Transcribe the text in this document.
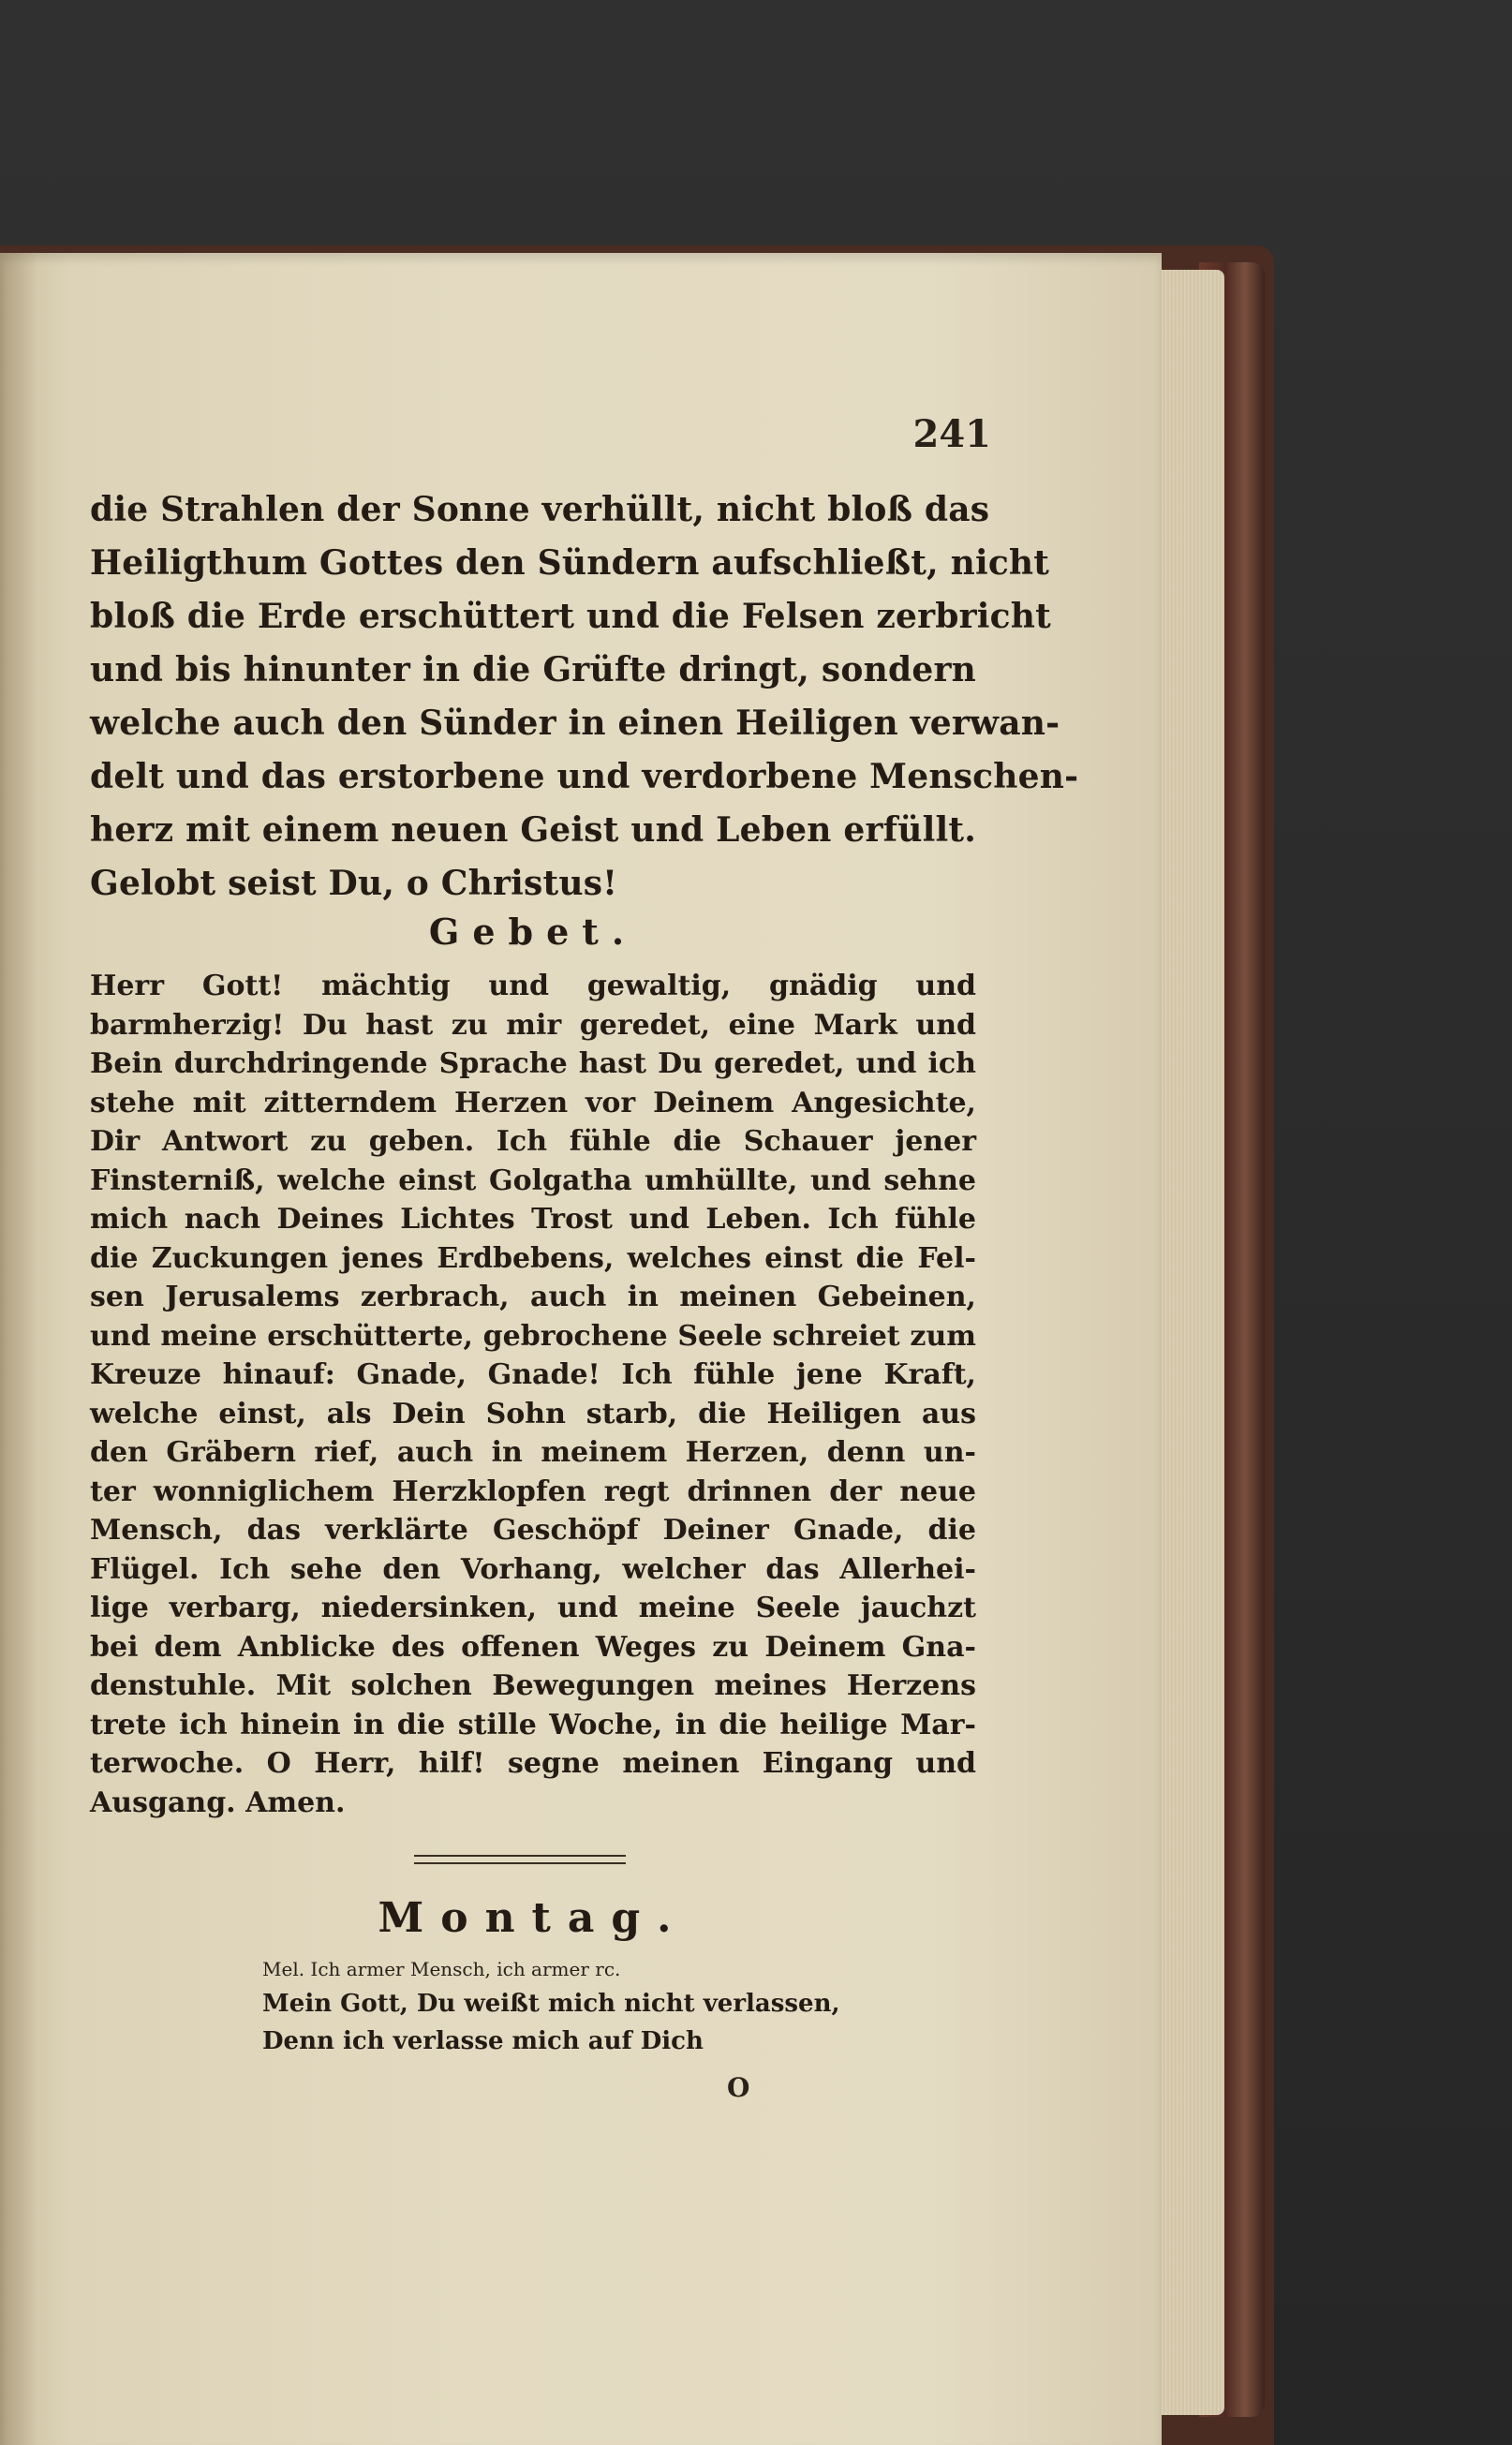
241
die Strahlen der Sonne verhüllt, nicht bloß das
Heiligthum Gottes den Sündern aufschließt, nicht
bloß die Erde erschüttert und die Felsen zerbricht
und bis hinunter in die Grüfte dringt, sondern
welche auch den Sünder in einen Heiligen verwan-
delt und das erstorbene und verdorbene Menschen-
herz mit einem neuen Geist und Leben erfüllt.
Gelobt seist Du, o Christus!
Gebet.
Herr Gott! mächtig und gewaltig, gnädig und
barmherzig! Du hast zu mir geredet, eine Mark und
Bein durchdringende Sprache hast Du geredet, und ich
stehe mit zitterndem Herzen vor Deinem Angesichte,
Dir Antwort zu geben. Ich fühle die Schauer jener
Finsterniß, welche einst Golgatha umhüllte, und sehne
mich nach Deines Lichtes Trost und Leben. Ich fühle
die Zuckungen jenes Erdbebens, welches einst die Fel-
sen Jerusalems zerbrach, auch in meinen Gebeinen,
und meine erschütterte, gebrochene Seele schreiet zum
Kreuze hinauf: Gnade, Gnade! Ich fühle jene Kraft,
welche einst, als Dein Sohn starb, die Heiligen aus
den Gräbern rief, auch in meinem Herzen, denn un-
ter wonniglichem Herzklopfen regt drinnen der neue
Mensch, das verklärte Geschöpf Deiner Gnade, die
Flügel. Ich sehe den Vorhang, welcher das Allerhei-
lige verbarg, niedersinken, und meine Seele jauchzt
bei dem Anblicke des offenen Weges zu Deinem Gna-
denstuhle. Mit solchen Bewegungen meines Herzens
trete ich hinein in die stille Woche, in die heilige Mar-
terwoche. O Herr, hilf! segne meinen Eingang und
Ausgang. Amen.
Montag.
Mel. Ich armer Mensch, ich armer rc.
Mein Gott, Du weißt mich nicht verlassen,
Denn ich verlasse mich auf Dich
O
